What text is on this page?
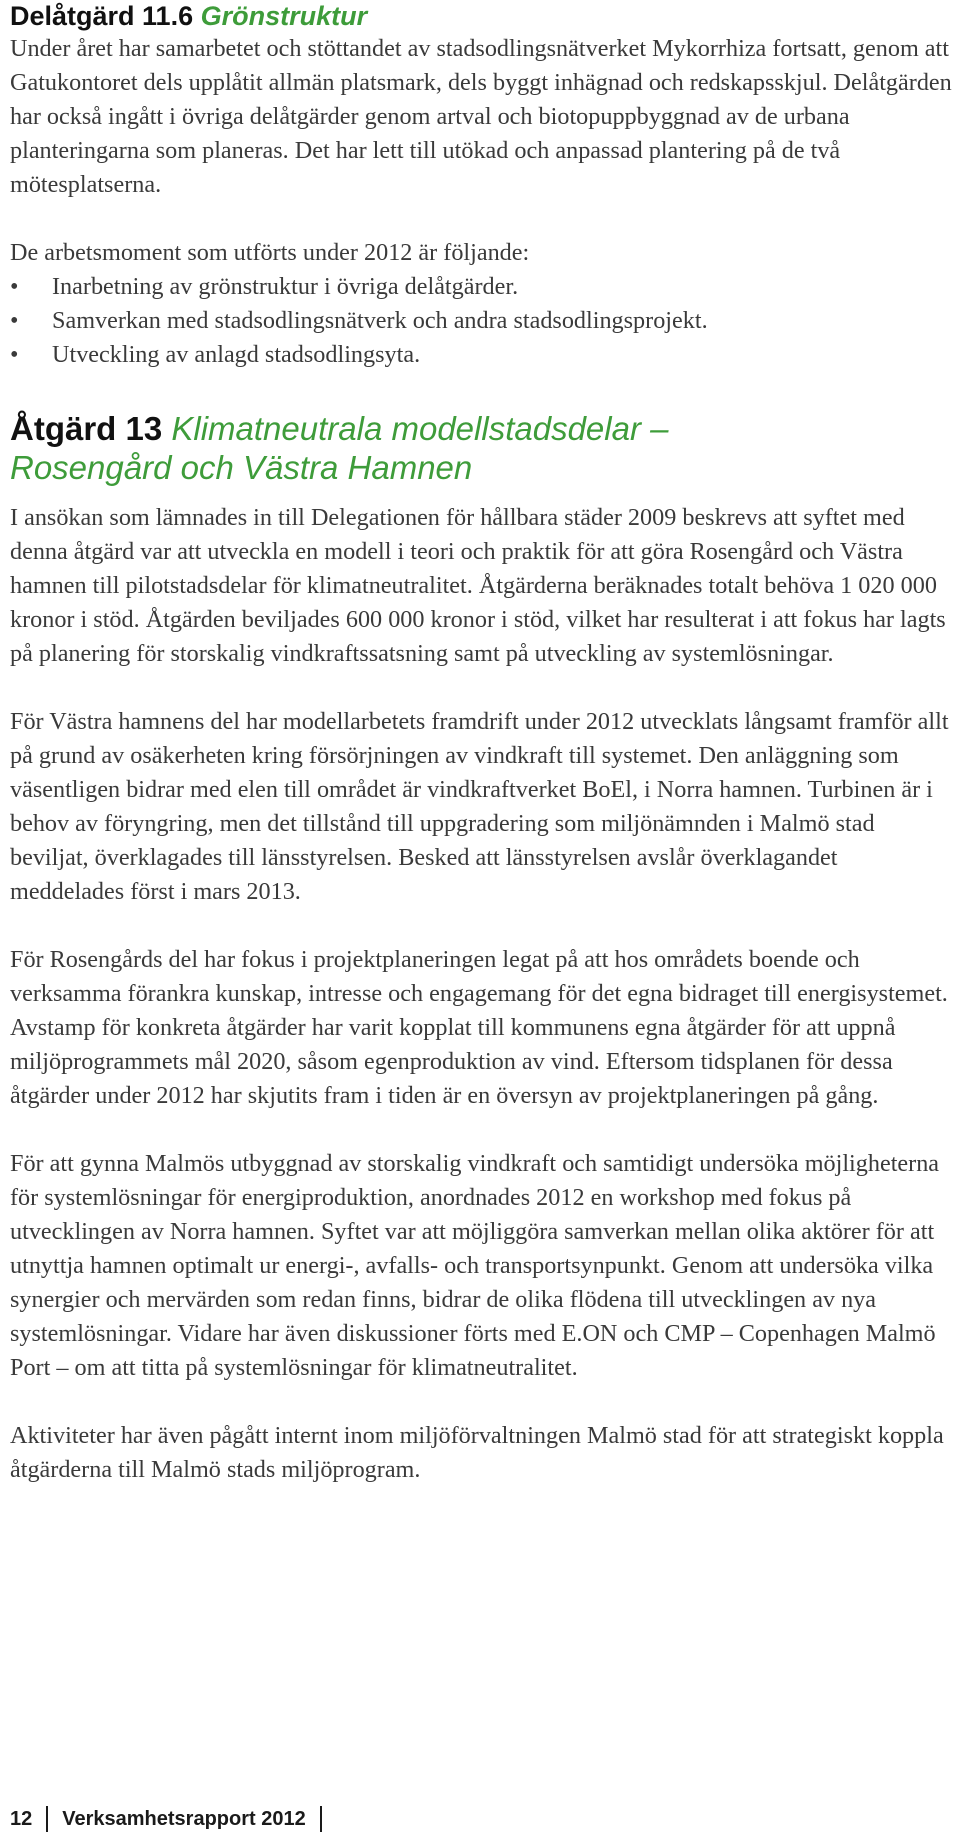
Delåtgärd 11.6 Grönstruktur

Under året har samarbetet och stöttandet av stadsodlingsnätverket Mykorrhiza fortsatt, genom att Gatukontoret dels upplåtit allmän platsmark, dels byggt inhägnad och redskapsskjul. Delåtgärden har också ingått i övriga delåtgärder genom artval och biotopuppbyggnad av de urbana planteringarna som planeras. Det har lett till utökad och anpassad plantering på de två mötesplatserna.

De arbetsmoment som utförts under 2012 är följande:

• Inarbetning av grönstruktur i övriga delåtgärder.
• Samverkan med stadsodlingsnätverk och andra stadsodlingsprojekt.
• Utveckling av anlagd stadsodlingsyta.
Åtgärd 13 Klimatneutrala modellstadsdelar –
Rosengård och Västra Hamnen

I ansökan som lämnades in till Delegationen för hållbara städer 2009 beskrevs att syftet med denna åtgärd var att utveckla en modell i teori och praktik för att göra Rosengård och Västra hamnen till pilotstadsdelar för klimatneutralitet. Åtgärderna beräknades totalt behöva 1 020 000 kronor i stöd. Åtgärden beviljades 600 000 kronor i stöd, vilket har resulterat i att fokus har lagts på planering för storskalig vindkraftssatsning samt på utveckling av systemlösningar.

För Västra hamnens del har modellarbetets framdrift under 2012 utvecklats långsamt framför allt på grund av osäkerheten kring försörjningen av vindkraft till systemet. Den anläggning som väsentligen bidrar med elen till området är vindkraftverket BoEl, i Norra hamnen. Turbinen är i behov av föryngring, men det tillstånd till uppgradering som miljönämnden i Malmö stad beviljat, överklagades till länsstyrelsen. Besked att länsstyrelsen avslår överklagandet meddelades först i mars 2013.

För Rosengårds del har fokus i projektplaneringen legat på att hos områdets boende och verksamma förankra kunskap, intresse och engagemang för det egna bidraget till energisystemet. Avstamp för konkreta åtgärder har varit kopplat till kommunens egna åtgärder för att uppnå miljöprogrammets mål 2020, såsom egenproduktion av vind. Eftersom tidsplanen för dessa åtgärder under 2012 har skjutits fram i tiden är en översyn av projektplaneringen på gång.

För att gynna Malmös utbyggnad av storskalig vindkraft och samtidigt undersöka möjligheterna för systemlösningar för energiproduktion, anordnades 2012 en workshop med fokus på utvecklingen av Norra hamnen. Syftet var att möjliggöra samverkan mellan olika aktörer för att utnyttja hamnen optimalt ur energi-, avfalls- och transportsynpunkt. Genom att undersöka vilka synergier och mervärden som redan finns, bidrar de olika flödena till utvecklingen av nya systemlösningar. Vidare har även diskussioner förts med E.ON och CMP – Copenhagen Malmö Port – om att titta på systemlösningar för klimatneutralitet.

Aktiviteter har även pågått internt inom miljöförvaltningen Malmö stad för att strategiskt koppla åtgärderna till Malmö stads miljöprogram.

12 Verksamhetsrapport 2012
